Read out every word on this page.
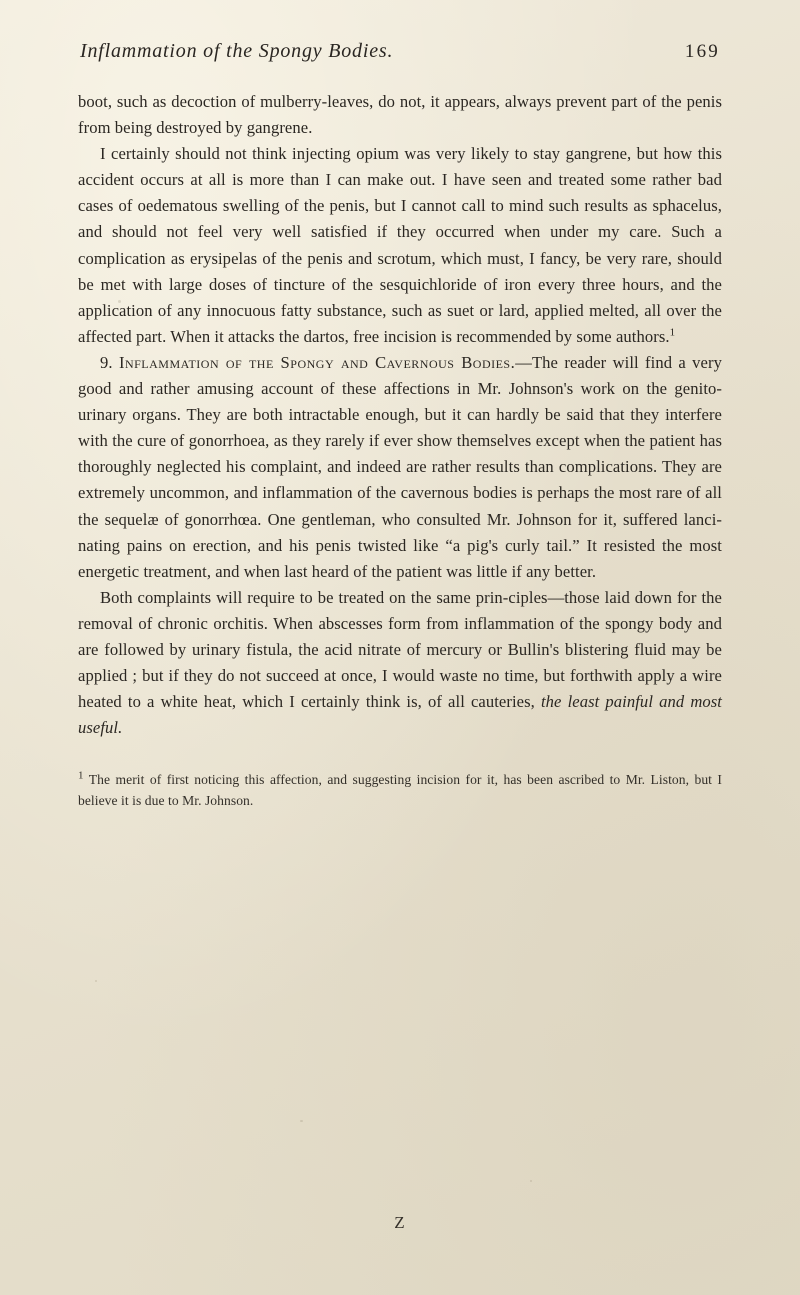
Inflammation of the Spongy Bodies.	169

boot, such as decoction of mulberry-leaves, do not, it appears, always prevent part of the penis from being destroyed by gangrene.

I certainly should not think injecting opium was very likely to stay gangrene, but how this accident occurs at all is more than I can make out. I have seen and treated some rather bad cases of oedematous swelling of the penis, but I cannot call to mind such results as sphacelus, and should not feel very well satisfied if they occurred when under my care. Such a complication as erysipelas of the penis and scrotum, which must, I fancy, be very rare, should be met with large doses of tincture of the sesquichloride of iron every three hours, and the application of any innocuous fatty substance, such as suet or lard, applied melted, all over the affected part. When it attacks the dartos, free incision is recommended by some authors.$^1$

9. Inflammation of the Spongy and Cavernous Bodies.—The reader will find a very good and rather amusing account of these affections in Mr. Johnson's work on the genito-urinary organs. They are both intractable enough, but it can hardly be said that they interfere with the cure of gonorrhoea, as they rarely if ever show themselves except when the patient has thoroughly neglected his complaint, and indeed are rather results than complications. They are extremely uncommon, and inflammation of the cavernous bodies is perhaps the most rare of all the sequelæ of gonorrhœa. One gentleman, who consulted Mr. Johnson for it, suffered lanci-nating pains on erection, and his penis twisted like “a pig's curly tail.” It resisted the most energetic treatment, and when last heard of the patient was little if any better.

Both complaints will require to be treated on the same prin-ciples—those laid down for the removal of chronic orchitis. When abscesses form from inflammation of the spongy body and are followed by urinary fistula, the acid nitrate of mercury or Bullin's blistering fluid may be applied ; but if they do not succeed at once, I would waste no time, but forthwith apply a wire heated to a white heat, which I certainly think is, of all cauteries, the least painful and most useful.

$^1$ The merit of first noticing this affection, and suggesting incision for it, has been ascribed to Mr. Liston, but I believe it is due to Mr. Johnson.

Z
